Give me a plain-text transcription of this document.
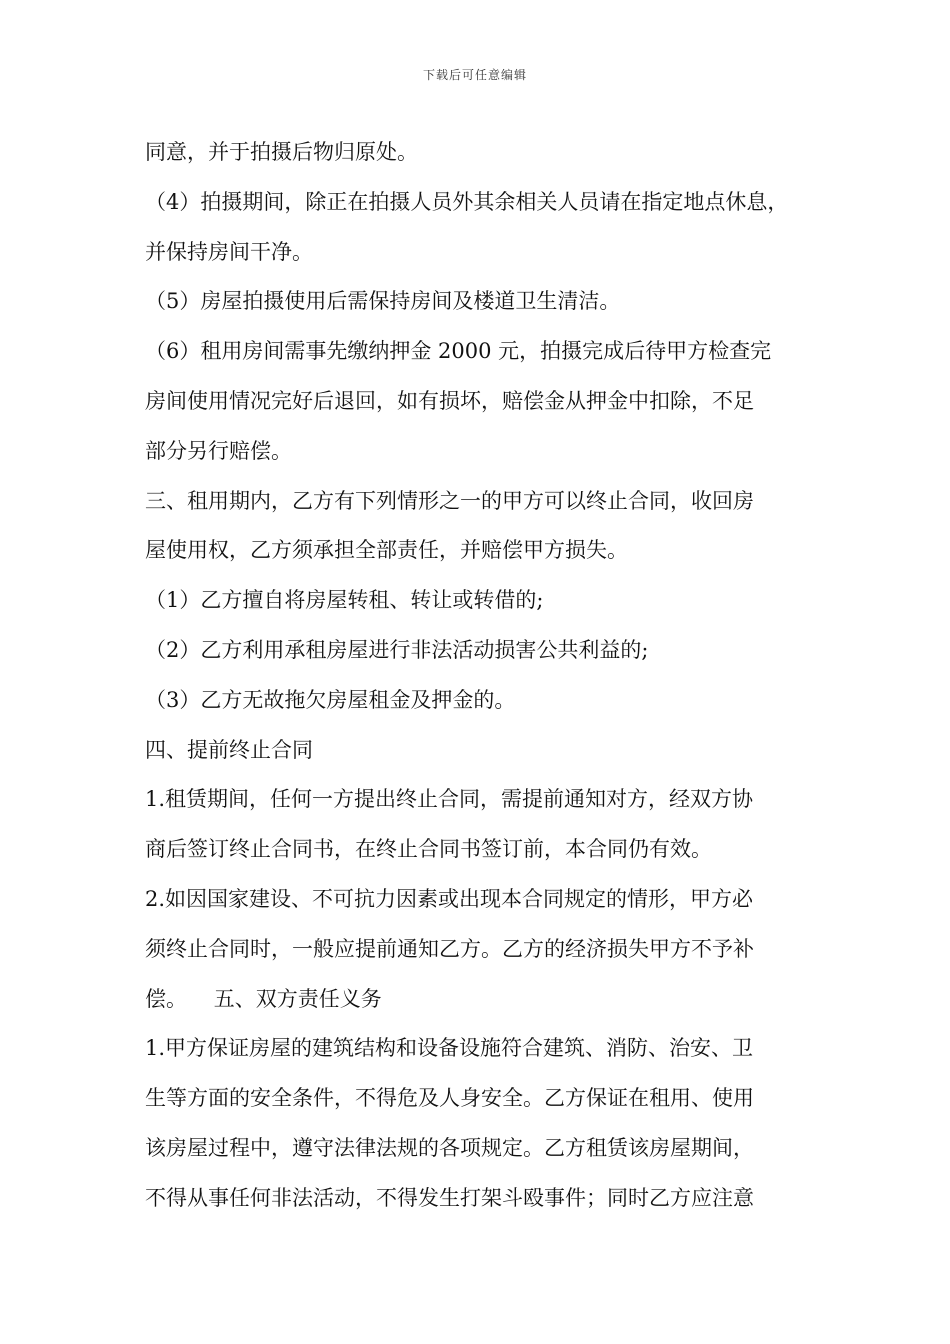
下载后可任意编辑
同意，并于拍摄后物归原处。
（4）拍摄期间，除正在拍摄人员外其余相关人员请在指定地点休息，
并保持房间干净。
（5）房屋拍摄使用后需保持房间及楼道卫生清洁。
（6）租用房间需事先缴纳押金 2000 元，拍摄完成后待甲方检查完
房间使用情况完好后退回，如有损坏，赔偿金从押金中扣除，不足
部分另行赔偿。
三、租用期内，乙方有下列情形之一的甲方可以终止合同，收回房
屋使用权，乙方须承担全部责任，并赔偿甲方损失。
（1）乙方擅自将房屋转租、转让或转借的;
（2）乙方利用承租房屋进行非法活动损害公共利益的;
（3）乙方无故拖欠房屋租金及押金的。
四、提前终止合同
1.租赁期间，任何一方提出终止合同，需提前通知对方，经双方协
商后签订终止合同书，在终止合同书签订前，本合同仍有效。
2.如因国家建设、不可抗力因素或出现本合同规定的情形，甲方必
须终止合同时，一般应提前通知乙方。乙方的经济损失甲方不予补
偿。    五、双方责任义务
1.甲方保证房屋的建筑结构和设备设施符合建筑、消防、治安、卫
生等方面的安全条件，不得危及人身安全。乙方保证在租用、使用
该房屋过程中，遵守法律法规的各项规定。乙方租赁该房屋期间，
不得从事任何非法活动，不得发生打架斗殴事件；同时乙方应注意
